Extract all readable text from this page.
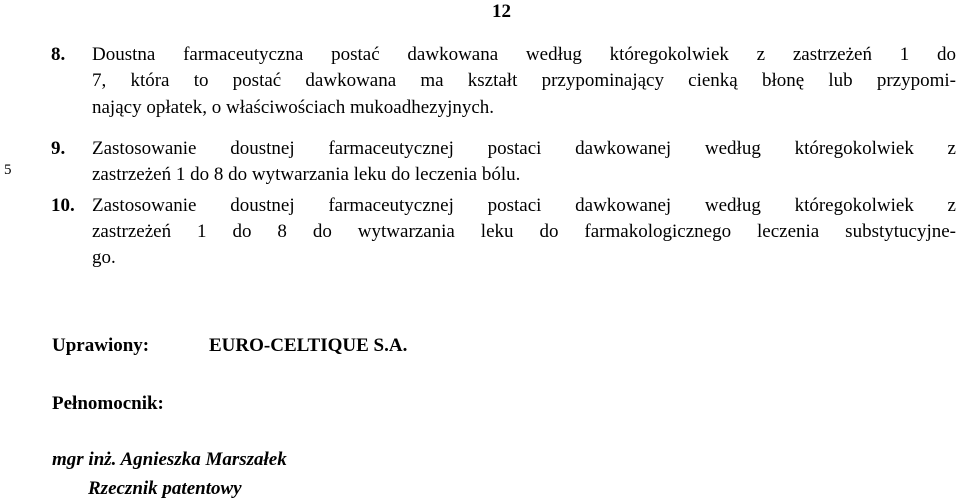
12
5
8. Doustna farmaceutyczna postać dawkowana według któregokolwiek z zastrzeżeń 1 do
7, która to postać dawkowana ma kształt przypominający cienką błonę lub przypomi-
nający opłatek, o właściwościach mukoadhezyjnych.
9. Zastosowanie doustnej farmaceutycznej postaci dawkowanej według któregokolwiek z
zastrzeżeń 1 do 8 do wytwarzania leku do leczenia bólu.
10. Zastosowanie doustnej farmaceutycznej postaci dawkowanej według któregokolwiek z
zastrzeżeń 1 do 8 do wytwarzania leku do farmakologicznego leczenia substytucyjne-
go.
Uprawiony:	EURO-CELTIQUE S.A.
Pełnomocnik:
mgr inż. Agnieszka Marszałek
Rzecznik patentowy
